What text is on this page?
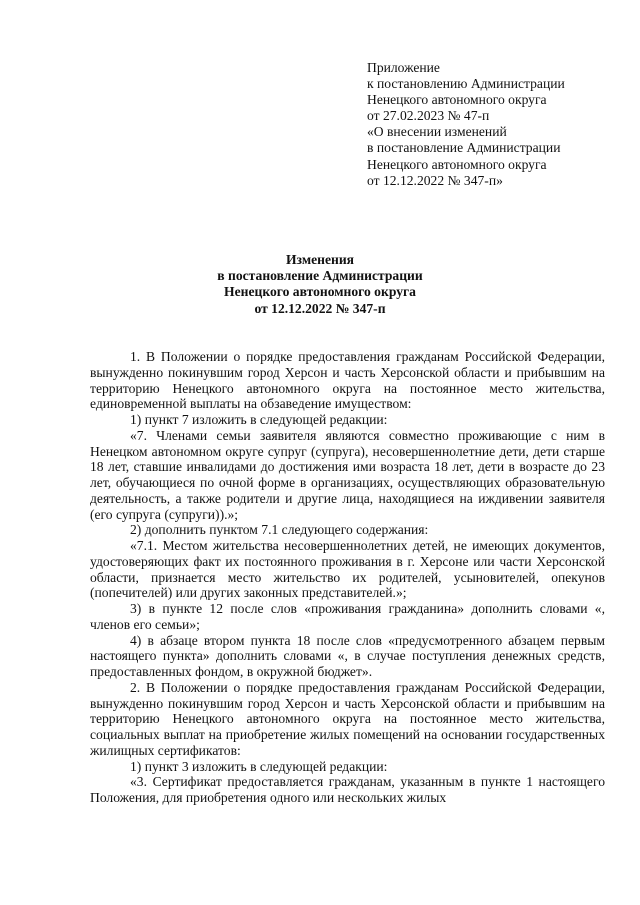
Приложение
к постановлению Администрации
Ненецкого автономного округа
от 27.02.2023 № 47-п
«О внесении изменений
в постановление Администрации
Ненецкого автономного округа
от 12.12.2022 № 347-п»
Изменения
в постановление Администрации
Ненецкого автономного округа
от 12.12.2022 № 347-п

1. В Положении о порядке предоставления гражданам Российской Федерации, вынужденно покинувшим город Херсон и часть Херсонской области и прибывшим на территорию Ненецкого автономного округа на постоянное место жительства, единовременной выплаты на обзаведение имуществом:

1) пункт 7 изложить в следующей редакции:

«7. Членами семьи заявителя являются совместно проживающие с ним в Ненецком автономном округе супруг (супруга), несовершеннолетние дети, дети старше 18 лет, ставшие инвалидами до достижения ими возраста 18 лет, дети в возрасте до 23 лет, обучающиеся по очной форме в организациях, осуществляющих образовательную деятельность, а также родители и другие лица, находящиеся на иждивении заявителя (его супруга (супруги)).»;

2) дополнить пунктом 7.1 следующего содержания:

«7.1. Местом жительства несовершеннолетних детей, не имеющих документов, удостоверяющих факт их постоянного проживания в г. Херсоне или части Херсонской области, признается место жительство их родителей, усыновителей, опекунов (попечителей) или других законных представителей.»;

3) в пункте 12 после слов «проживания гражданина» дополнить словами «, членов его семьи»;

4) в абзаце втором пункта 18 после слов «предусмотренного абзацем первым настоящего пункта» дополнить словами «, в случае поступления денежных средств, предоставленных фондом, в окружной бюджет».

2. В Положении о порядке предоставления гражданам Российской Федерации, вынужденно покинувшим город Херсон и часть Херсонской области и прибывшим на территорию Ненецкого автономного округа на постоянное место жительства, социальных выплат на приобретение жилых помещений на основании государственных жилищных сертификатов:

1) пункт 3 изложить в следующей редакции:

«3. Сертификат предоставляется гражданам, указанным в пункте 1 настоящего Положения, для приобретения одного или нескольких жилых
